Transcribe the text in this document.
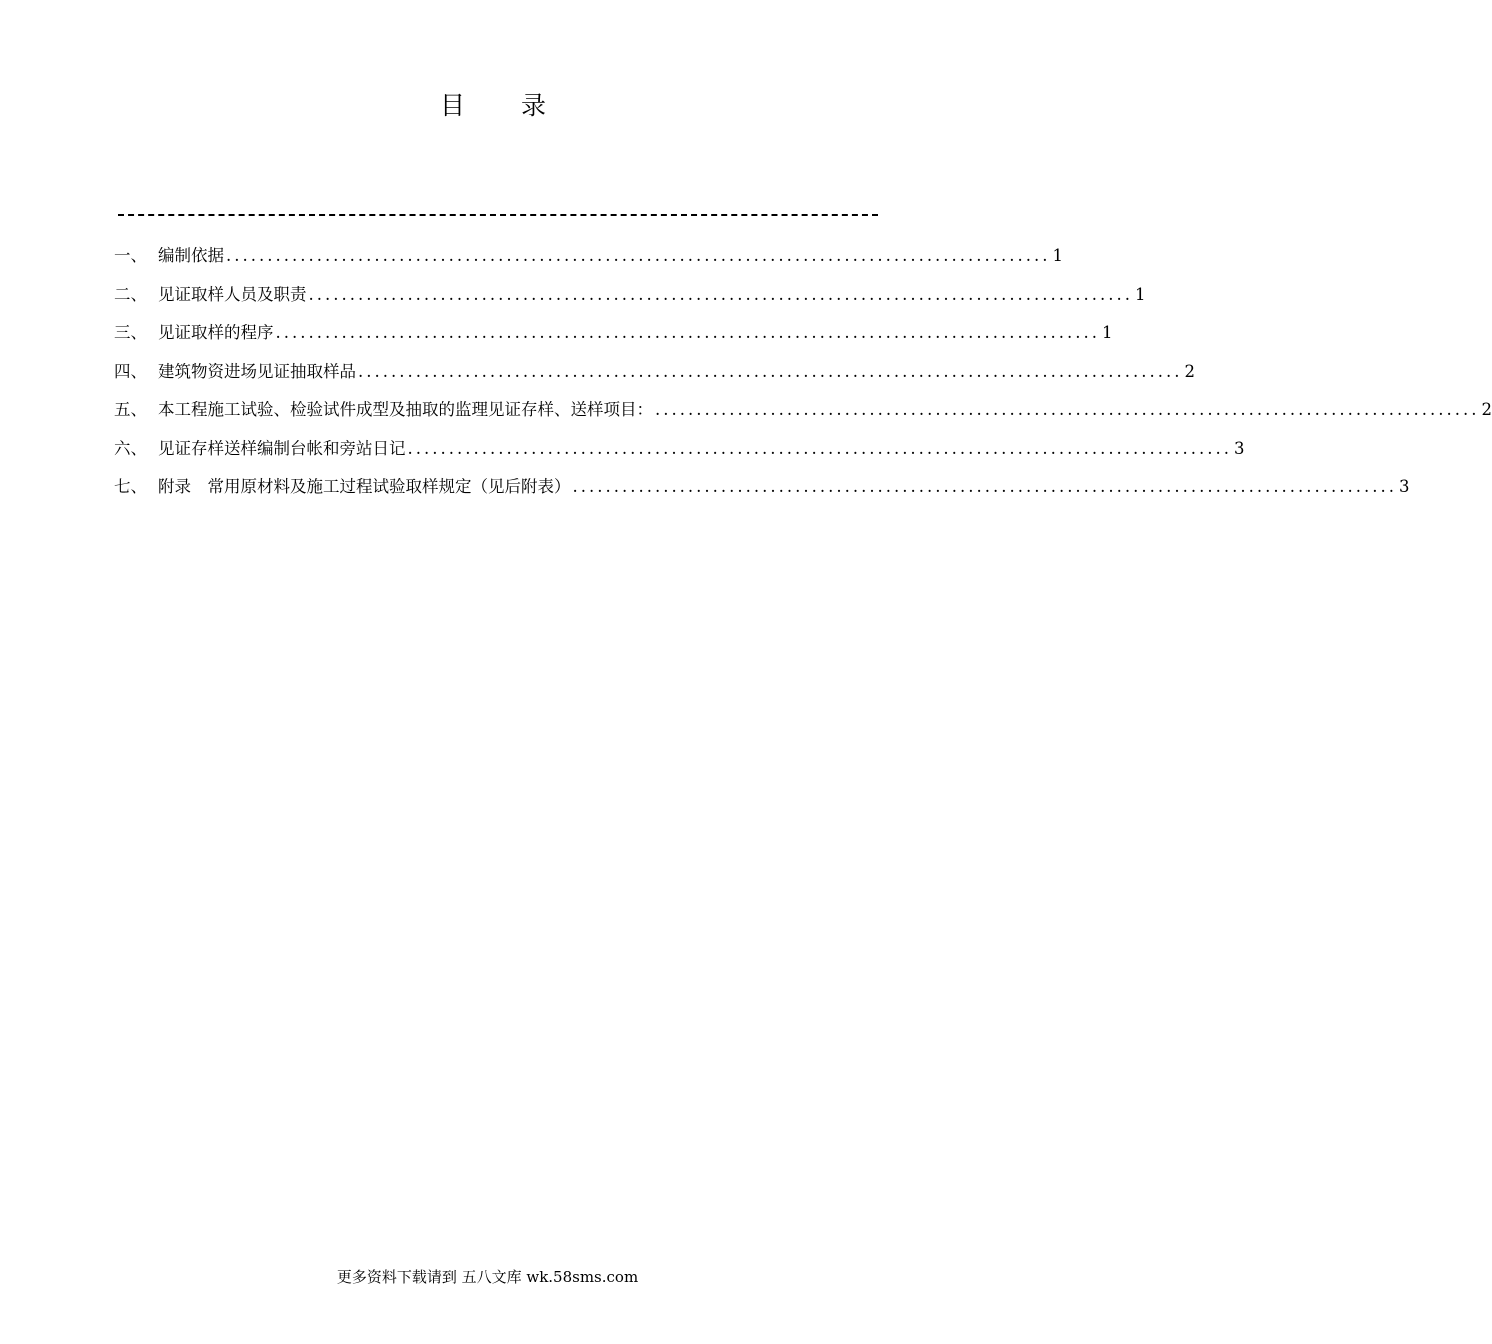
目 录
一、 编制依据 .................................................................................................... 1
二、 见证取样人员及职责 .................................................................................................... 1
三、 见证取样的程序 .................................................................................................... 1
四、 建筑物资进场见证抽取样品 .................................................................................................... 2
五、 本工程施工试验、检验试件成型及抽取的监理见证存样、送样项目： .................................................................................................... 2
六、 见证存样送样编制台帐和旁站日记 .................................................................................................... 3
七、 附录　常用原材料及施工过程试验取样规定（见后附表） .................................................................................................... 3
更多资料下载请到 五八文库 wk.58sms.com
